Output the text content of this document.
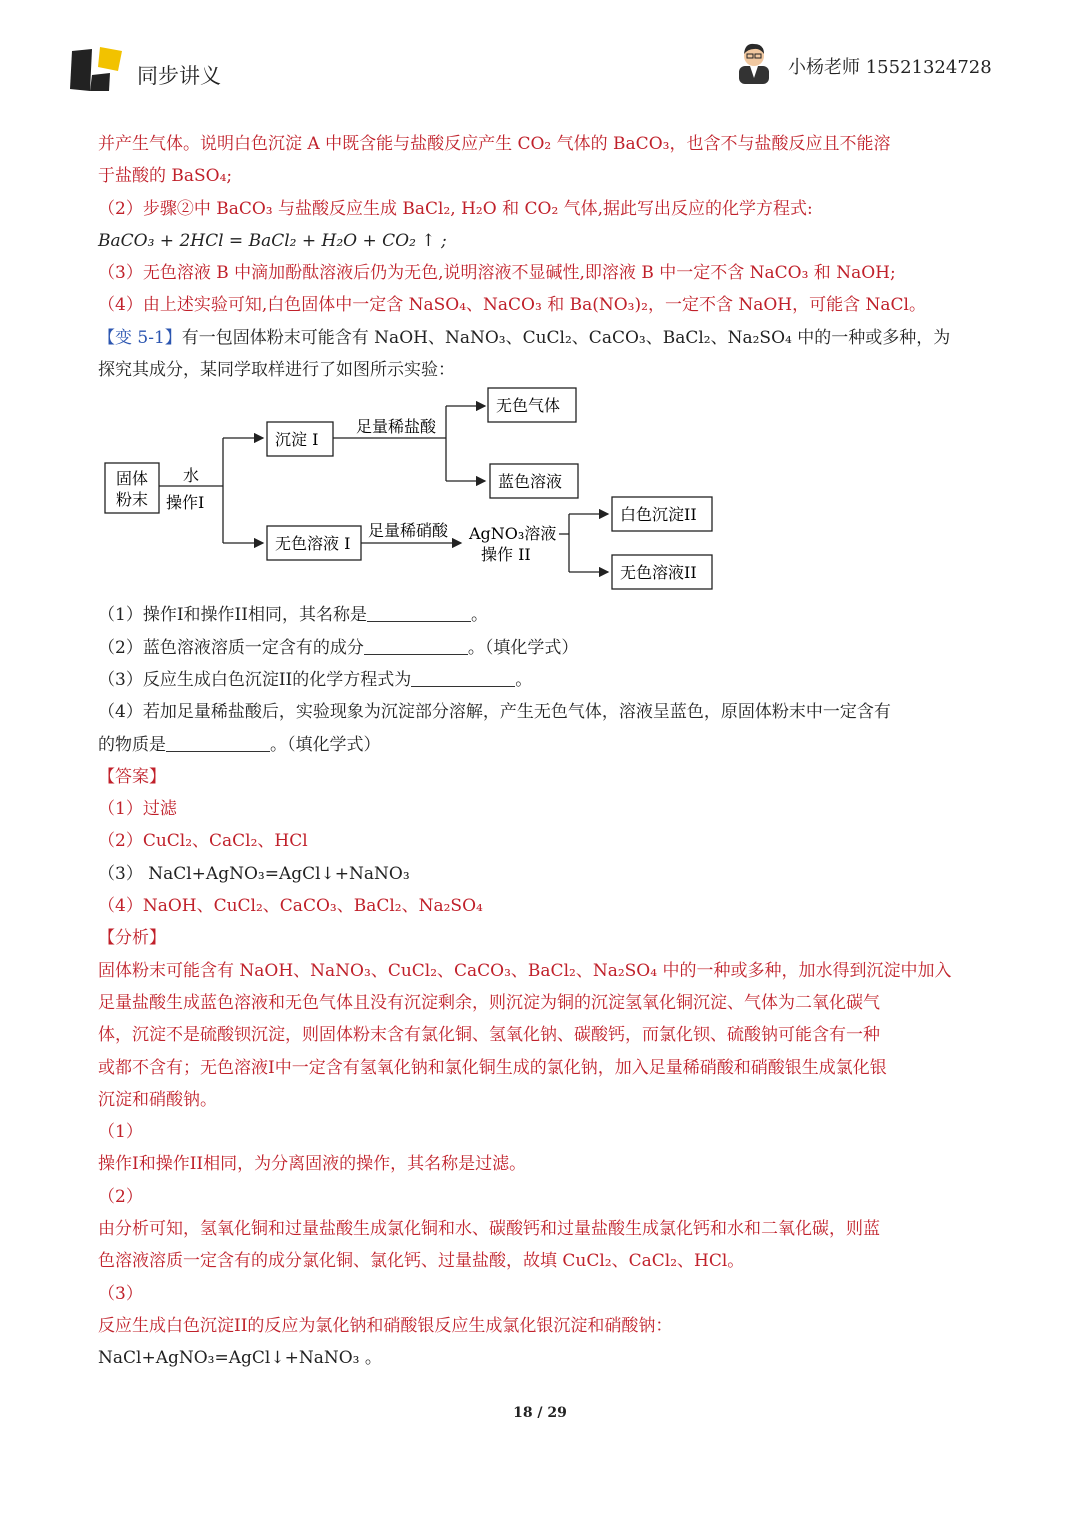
同步讲义	小杨老师 15521324728
并产生气体。说明白色沉淀 A 中既含能与盐酸反应产生 CO₂ 气体的 BaCO₃，也含不与盐酸反应且不能溶
于盐酸的 BaSO₄;
（2）步骤②中 BaCO₃ 与盐酸反应生成 BaCl₂, H₂O 和 CO₂ 气体,据此写出反应的化学方程式:
BaCO₃ + 2HCl = BaCl₂ + H₂O + CO₂ ↑ ;
（3）无色溶液 B 中滴加酚酞溶液后仍为无色,说明溶液不显碱性,即溶液 B 中一定不含 NaCO₃ 和 NaOH;
（4）由上述实验可知,白色固体中一定含 NaSO₄、NaCO₃ 和 Ba(NO₃)₂，一定不含 NaOH，可能含 NaCl。
【变 5-1】有一包固体粉末可能含有 NaOH、NaNO₃、CuCl₂、CaCO₃、BaCl₂、Na₂SO₄ 中的一种或多种，为
探究其成分，某同学取样进行了如图所示实验：
固体
粉末
水
操作I
沉淀 I
足量稀盐酸
无色气体
蓝色溶液
无色溶液 I
足量稀硝酸 AgNO₃溶液
操作 II
白色沉淀II
无色溶液II
（1）操作I和操作II相同，其名称是	。
（2）蓝色溶液溶质一定含有的成分	。（填化学式）
（3）反应生成白色沉淀II的化学方程式为	。
（4）若加足量稀盐酸后，实验现象为沉淀部分溶解，产生无色气体，溶液呈蓝色，原固体粉末中一定含有
的物质是	。（填化学式）
【答案】
（1）过滤
（2）CuCl₂、CaCl₂、HCl
（3） NaCl+AgNO₃=AgCl↓+NaNO₃
（4）NaOH、CuCl₂、CaCO₃、BaCl₂、Na₂SO₄
【分析】
固体粉末可能含有 NaOH、NaNO₃、CuCl₂、CaCO₃、BaCl₂、Na₂SO₄ 中的一种或多种，加水得到沉淀中加入
足量盐酸生成蓝色溶液和无色气体且没有沉淀剩余，则沉淀为铜的沉淀氢氧化铜沉淀、气体为二氧化碳气
体，沉淀不是硫酸钡沉淀，则固体粉末含有氯化铜、氢氧化钠、碳酸钙，而氯化钡、硫酸钠可能含有一种
或都不含有；无色溶液I中一定含有氢氧化钠和氯化铜生成的氯化钠，加入足量稀硝酸和硝酸银生成氯化银
沉淀和硝酸钠。
（1）
操作I和操作II相同，为分离固液的操作，其名称是过滤。
（2）
由分析可知，氢氧化铜和过量盐酸生成氯化铜和水、碳酸钙和过量盐酸生成氯化钙和水和二氧化碳，则蓝
色溶液溶质一定含有的成分氯化铜、氯化钙、过量盐酸，故填 CuCl₂、CaCl₂、HCl。
（3）
反应生成白色沉淀II的反应为氯化钠和硝酸银反应生成氯化银沉淀和硝酸钠：
NaCl+AgNO₃=AgCl↓+NaNO₃ 。
18 / 29
